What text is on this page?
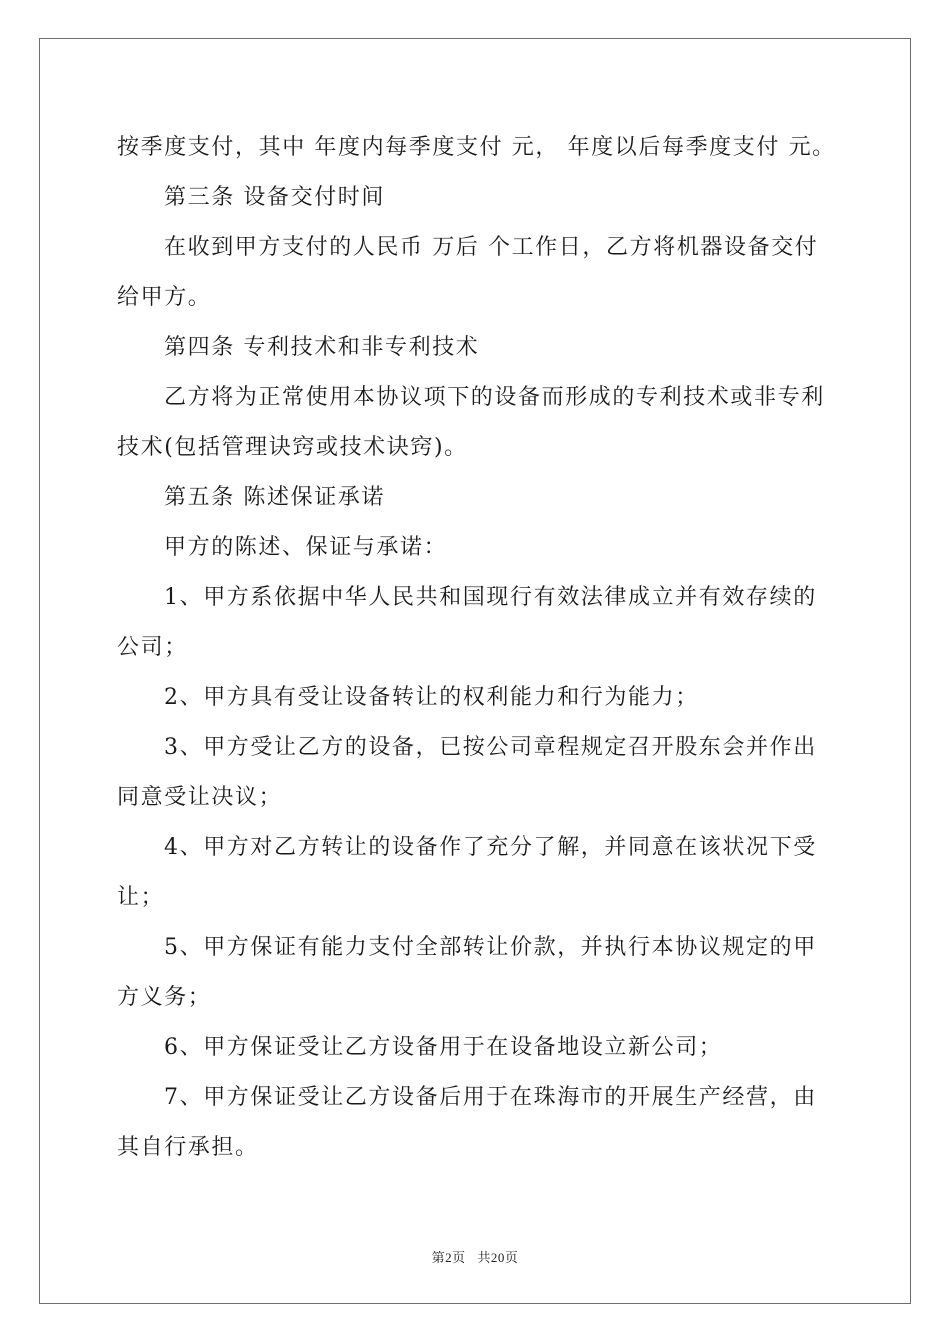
按季度支付，其中 年度内每季度支付 元， 年度以后每季度支付 元。

第三条 设备交付时间

在收到甲方支付的人民币 万后 个工作日，乙方将机器设备交付给甲方。

第四条 专利技术和非专利技术

乙方将为正常使用本协议项下的设备而形成的专利技术或非专利技术(包括管理诀窍或技术诀窍)。

第五条 陈述保证承诺

甲方的陈述、保证与承诺：

1、甲方系依据中华人民共和国现行有效法律成立并有效存续的公司；

2、甲方具有受让设备转让的权利能力和行为能力；

3、甲方受让乙方的设备，已按公司章程规定召开股东会并作出同意受让决议；

4、甲方对乙方转让的设备作了充分了解，并同意在该状况下受让；

5、甲方保证有能力支付全部转让价款，并执行本协议规定的甲方义务；

6、甲方保证受让乙方设备用于在设备地设立新公司；

7、甲方保证受让乙方设备后用于在珠海市的开展生产经营，由其自行承担。

第2页 共20页
